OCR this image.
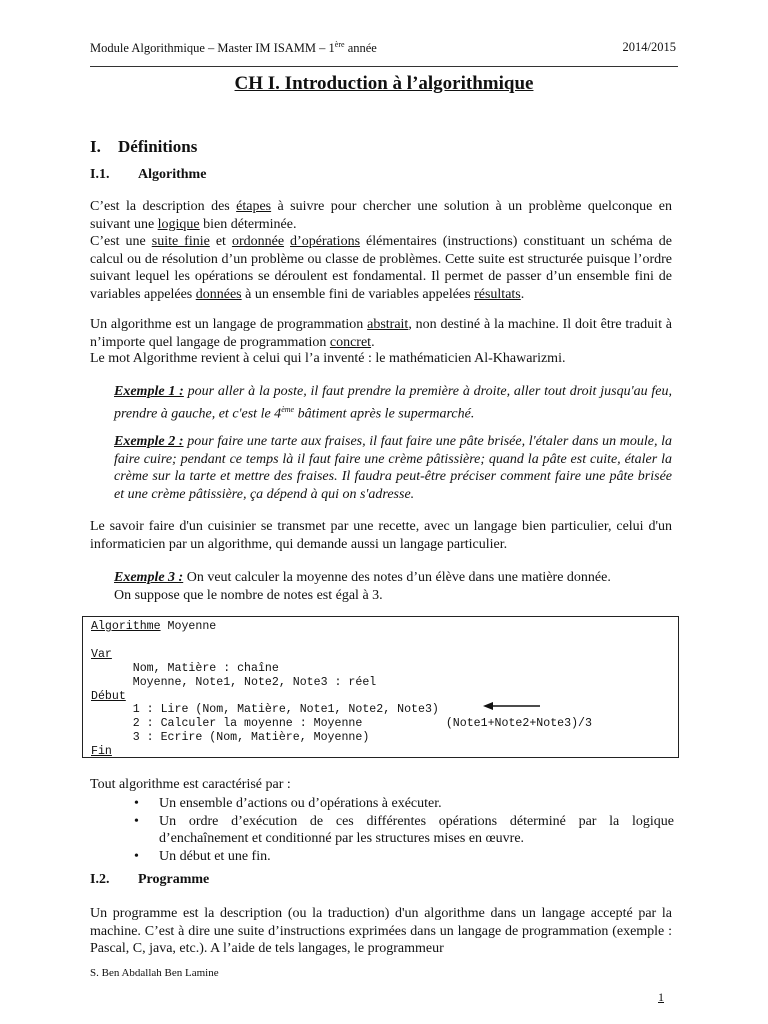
Module Algorithmique – Master IM ISAMM – 1ère année	2014/2015
CH I. Introduction à l’algorithmique
I. Définitions
I.1. Algorithme

C’est la description des étapes à suivre pour chercher une solution à un problème quelconque en suivant une logique bien déterminée.

C’est une suite finie et ordonnée d’opérations élémentaires (instructions) constituant un schéma de calcul ou de résolution d’un problème ou classe de problèmes. Cette suite est structurée puisque l’ordre suivant lequel les opérations se déroulent est fondamental. Il permet de passer d’un ensemble fini de variables appelées données à un ensemble fini de variables appelées résultats.

Un algorithme est un langage de programmation abstrait, non destiné à la machine. Il doit être traduit à n’importe quel langage de programmation concret.

Le mot Algorithme revient à celui qui l’a inventé : le mathématicien Al-Khawarizmi.

Exemple 1 : pour aller à la poste, il faut prendre la première à droite, aller tout droit jusqu'au feu, prendre à gauche, et c'est le 4ème bâtiment après le supermarché.

Exemple 2 : pour faire une tarte aux fraises, il faut faire une pâte brisée, l'étaler dans un moule, la faire cuire; pendant ce temps là il faut faire une crème pâtissière; quand la pâte est cuite, étaler la crème sur la tarte et mettre des fraises. Il faudra peut-être préciser comment faire une pâte brisée et une crème pâtissière, ça dépend à qui on s'adresse.

Le savoir faire d'un cuisinier se transmet par une recette, avec un langage bien particulier, celui d'un informaticien par un algorithme, qui demande aussi un langage particulier.

Exemple 3 : On veut calculer la moyenne des notes d’un élève dans une matière donnée.
On suppose que le nombre de notes est égal à 3.

Algorithme Moyenne

Var
Nom, Matière : chaîne
Moyenne, Note1, Note2, Note3 : réel
Début
1 : Lire (Nom, Matière, Note1, Note2, Note3)
2 : Calculer la moyenne : Moyenne            (Note1+Note2+Note3)/3
3 : Ecrire (Nom, Matière, Moyenne)
Fin

Tout algorithme est caractérisé par :

• Un ensemble d’actions ou d’opérations à exécuter.
• Un ordre d’exécution de ces différentes opérations déterminé par la logique d’enchaînement et conditionné par les structures mises en œuvre.
• Un début et une fin.
I.2. Programme

Un programme est la description (ou la traduction) d'un algorithme dans un langage accepté par la machine. C’est à dire une suite d’instructions exprimées dans un langage de programmation (exemple : Pascal, C, java, etc.). A l’aide de tels langages, le programmeur

S. Ben Abdallah Ben Lamine
1
